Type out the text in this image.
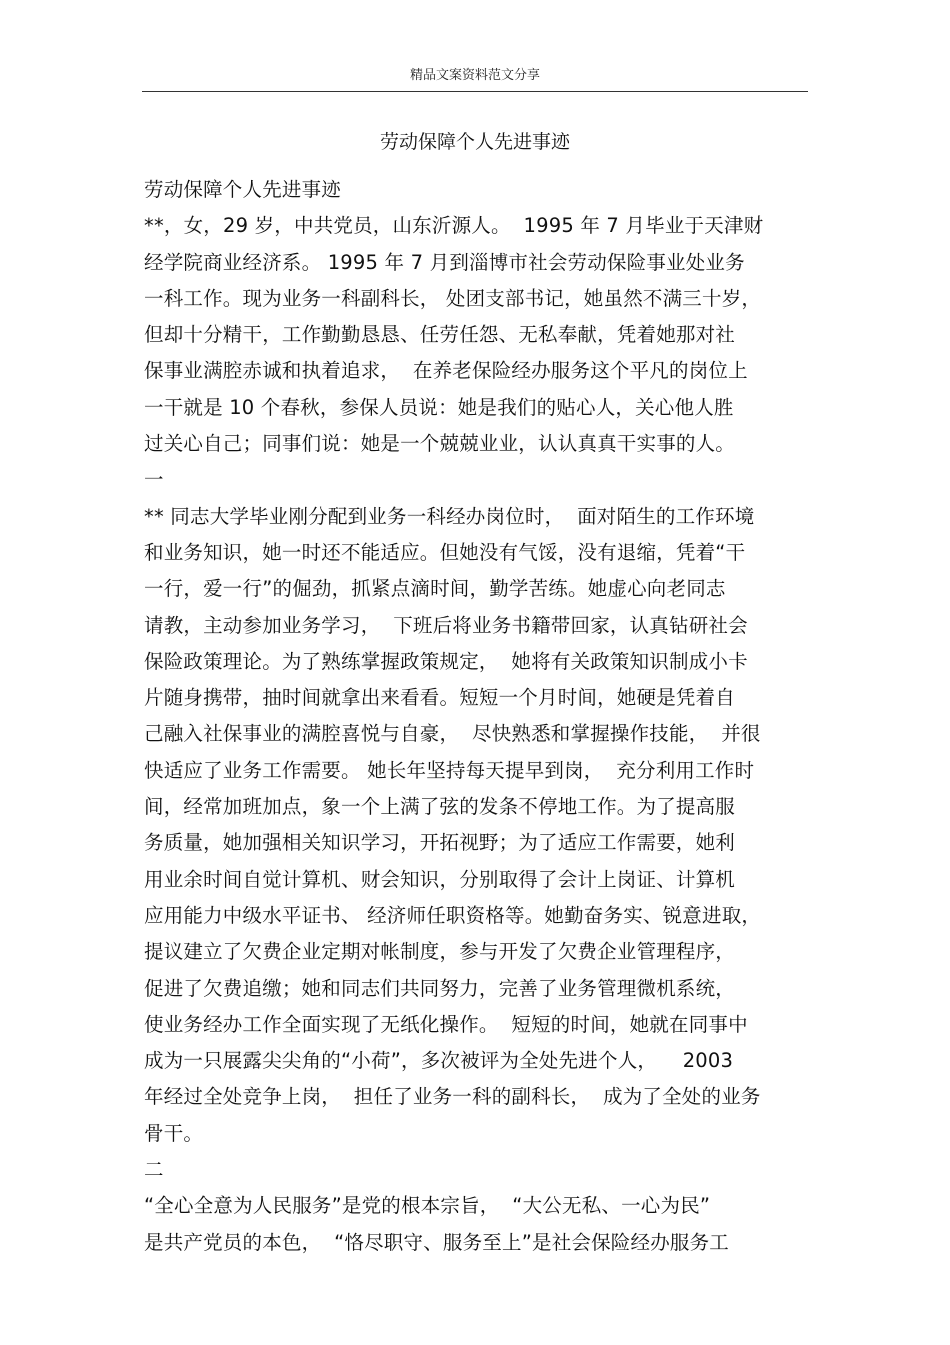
精品文案资料范文分享
劳动保障个人先进事迹
劳动保障个人先进事迹
**，女，29 岁，中共党员，山东沂源人。  1995 年 7 月毕业于天津财
经学院商业经济系。 1995 年 7 月到淄博市社会劳动保险事业处业务
一科工作。现为业务一科副科长， 处团支部书记，她虽然不满三十岁，
但却十分精干，工作勤勤恳恳、任劳任怨、无私奉献，凭着她那对社
保事业满腔赤诚和执着追求，  在养老保险经办服务这个平凡的岗位上
一干就是 10 个春秋，参保人员说：她是我们的贴心人，关心他人胜
过关心自己；同事们说：她是一个兢兢业业，认认真真干实事的人。
一
** 同志大学毕业刚分配到业务一科经办岗位时，  面对陌生的工作环境
和业务知识，她一时还不能适应。但她没有气馁，没有退缩，凭着“干
一行，爱一行”的倔劲，抓紧点滴时间，勤学苦练。她虚心向老同志
请教，主动参加业务学习，  下班后将业务书籍带回家，认真钻研社会
保险政策理论。为了熟练掌握政策规定，  她将有关政策知识制成小卡
片随身携带，抽时间就拿出来看看。短短一个月时间，她硬是凭着自
己融入社保事业的满腔喜悦与自豪，  尽快熟悉和掌握操作技能，  并很
快适应了业务工作需要。 她长年坚持每天提早到岗，  充分利用工作时
间，经常加班加点，象一个上满了弦的发条不停地工作。为了提高服
务质量，她加强相关知识学习，开拓视野；为了适应工作需要，她利
用业余时间自觉计算机、财会知识，分别取得了会计上岗证、计算机
应用能力中级水平证书、 经济师任职资格等。她勤奋务实、锐意进取，
提议建立了欠费企业定期对帐制度，参与开发了欠费企业管理程序，
促进了欠费追缴；她和同志们共同努力，完善了业务管理微机系统，
使业务经办工作全面实现了无纸化操作。  短短的时间，她就在同事中
成为一只展露尖尖角的“小荷”，多次被评为全处先进个人，    2003
年经过全处竞争上岗，  担任了业务一科的副科长，  成为了全处的业务
骨干。
二
“全心全意为人民服务”是党的根本宗旨，  “大公无私、一心为民”
是共产党员的本色，  “恪尽职守、服务至上”是社会保险经办服务工
